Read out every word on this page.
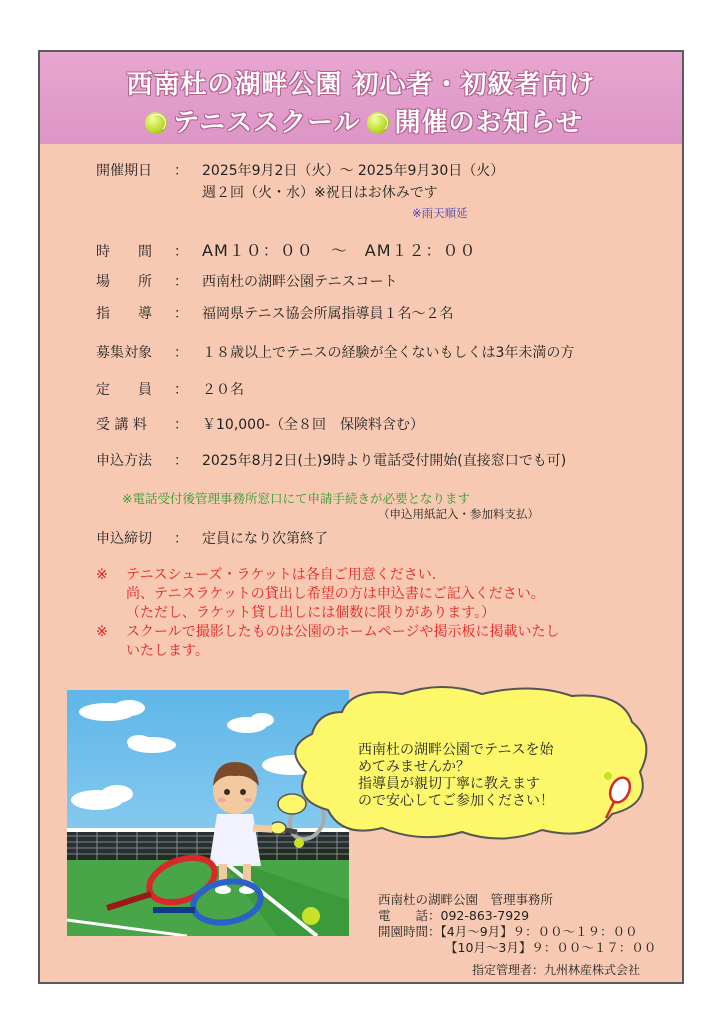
西南杜の湖畔公園 初心者・初級者向け
テニススクール 開催のお知らせ
開催期日 ： 2025年9月2日（火）～ 2025年9月30日（火）
週２回（火・水）※祝日はお休みです
※雨天順延
時　　間 ： AM１０：００　～　AM１２：００
場　　所 ： 西南杜の湖畔公園テニスコート
指　　導 ： 福岡県テニス協会所属指導員１名～２名
募集対象 ： １８歳以上でテニスの経験が全くないもしくは3年未満の方
定　　員 ： ２０名
受 講 料 ： ￥10,000-（全８回　保険料含む）
申込方法 ： 2025年8月2日(土)9時より電話受付開始(直接窓口でも可)
※電話受付後管理事務所窓口にて申請手続きが必要となります
（申込用紙記入・参加料支払）
申込締切 ： 定員になり次第終了
※ テニスシューズ・ラケットは各自ご用意ください.
尚、テニスラケットの貸出し希望の方は申込書にご記入ください。
（ただし、ラケット貸し出しには個数に限りがあります。）
※ スクールで撮影したものは公園のホームページや掲示板に掲載いたし
いたします。
西南杜の湖畔公園でテニスを始
めてみませんか？
指導員が親切丁寧に教えます
ので安心してご参加ください！
西南杜の湖畔公園　管理事務所
電　　話：092-863-7929
開園時間：【4月～9月】９：００～１９：００
【10月～3月】９：００～１７：００
指定管理者：九州林産株式会社
